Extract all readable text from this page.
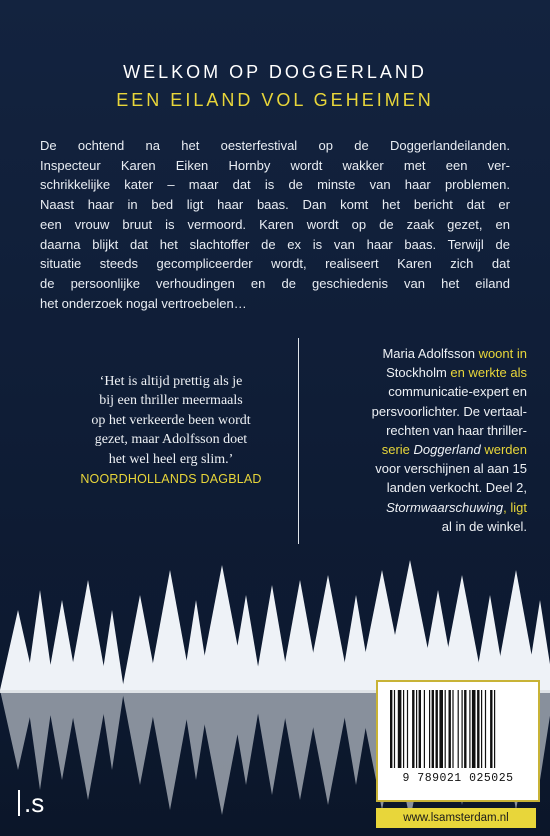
WELKOM OP DOGGERLAND
EEN EILAND VOL GEHEIMEN
De ochtend na het oesterfestival op de Doggerlandeilanden.
Inspecteur Karen Eiken Hornby wordt wakker met een ver-
schrikkelijke kater – maar dat is de minste van haar problemen.
Naast haar in bed ligt haar baas. Dan komt het bericht dat er
een vrouw bruut is vermoord. Karen wordt op de zaak gezet, en
daarna blijkt dat het slachtoffer de ex is van haar baas. Terwijl de
situatie steeds gecompliceerder wordt, realiseert Karen zich dat
de persoonlijke verhoudingen en de geschiedenis van het eiland
het onderzoek nogal vertroebelen…
‘Het is altijd prettig als je
bij een thriller meermaals
op het verkeerde been wordt
gezet, maar Adolfsson doet
het wel heel erg slim.’
NOORDHOLLANDS DAGBLAD
Maria Adolfsson woont in
Stockholm en werkte als
communicatie-expert en
persvoorlichter. De vertaal-
rechten van haar thriller-
serie Doggerland werden
voor verschijnen al aan 15
landen verkocht. Deel 2,
Stormwaarschuwing, ligt
al in de winkel.
9 789021 025025
www.lsamsterdam.nl
.s
